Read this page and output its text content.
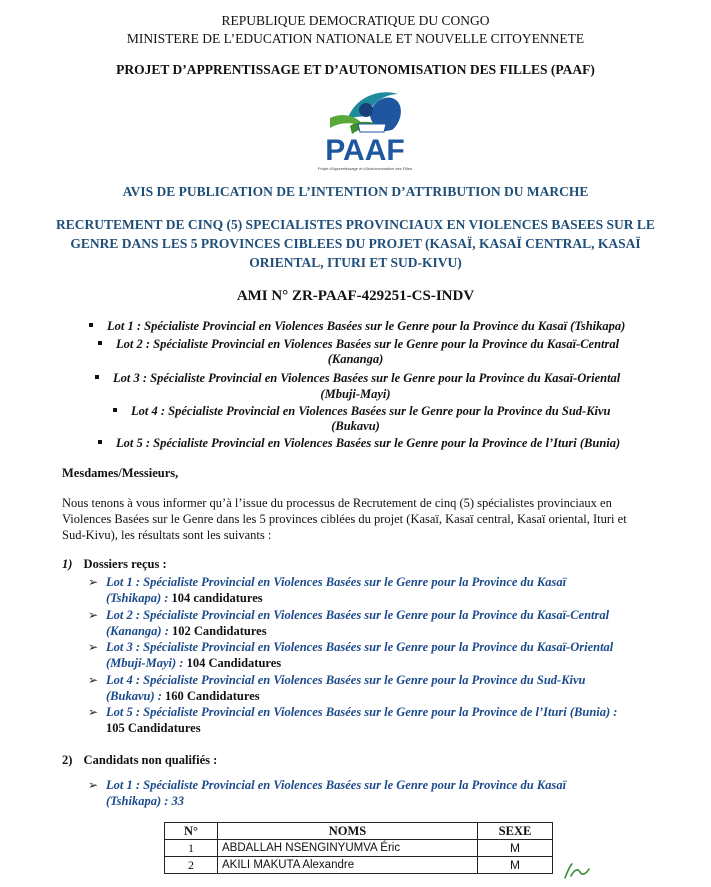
REPUBLIQUE DEMOCRATIQUE DU CONGO
MINISTERE DE L’EDUCATION NATIONALE ET NOUVELLE CITOYENNETE
PROJET D’APPRENTISSAGE ET D’AUTONOMISATION DES FILLES (PAAF)
PAAF
Projet d'Apprentissage et d'Autonomisation des Filles
AVIS DE PUBLICATION DE L’INTENTION D’ATTRIBUTION DU MARCHE
RECRUTEMENT DE CINQ (5) SPECIALISTES PROVINCIAUX EN VIOLENCES BASEES SUR LE
GENRE DANS LES 5 PROVINCES CIBLEES DU PROJET (KASAÏ, KASAÏ CENTRAL, KASAÏ
ORIENTAL, ITURI ET SUD-KIVU)
AMI N° ZR-PAAF-429251-CS-INDV
Lot 1 : Spécialiste Provincial en Violences Basées sur le Genre pour la Province du Kasaï (Tshikapa)
Lot 2 : Spécialiste Provincial en Violences Basées sur le Genre pour la Province du Kasaï-Central
(Kananga)
Lot 3 : Spécialiste Provincial en Violences Basées sur le Genre pour la Province du Kasaï-Oriental
(Mbuji-Mayi)
Lot 4 : Spécialiste Provincial en Violences Basées sur le Genre pour la Province du Sud-Kivu
(Bukavu)
Lot 5 : Spécialiste Provincial en Violences Basées sur le Genre pour la Province de l’Ituri (Bunia)
Mesdames/Messieurs,
Nous tenons à vous informer qu’à l’issue du processus de Recrutement de cinq (5) spécialistes provinciaux en
Violences Basées sur le Genre dans les 5 provinces ciblées du projet (Kasaï, Kasaï central, Kasaï oriental, Ituri et
Sud-Kivu), les résultats sont les suivants :
1) Dossiers reçus :
➢ Lot 1 : Spécialiste Provincial en Violences Basées sur le Genre pour la Province du Kasaï
(Tshikapa) : 104 candidatures
➢ Lot 2 : Spécialiste Provincial en Violences Basées sur le Genre pour la Province du Kasaï-Central
(Kananga) : 102 Candidatures
➢ Lot 3 : Spécialiste Provincial en Violences Basées sur le Genre pour la Province du Kasaï-Oriental
(Mbuji-Mayi) : 104 Candidatures
➢ Lot 4 : Spécialiste Provincial en Violences Basées sur le Genre pour la Province du Sud-Kivu
(Bukavu) : 160 Candidatures
➢ Lot 5 : Spécialiste Provincial en Violences Basées sur le Genre pour la Province de l’Ituri (Bunia) :
105 Candidatures
2) Candidats non qualifiés :
➢ Lot 1 : Spécialiste Provincial en Violences Basées sur le Genre pour la Province du Kasaï
(Tshikapa) : 33
N°	NOMS	SEXE
1	ABDALLAH NSENGINYUMVA Éric	M
2	AKILI MAKUTA Alexandre	M
